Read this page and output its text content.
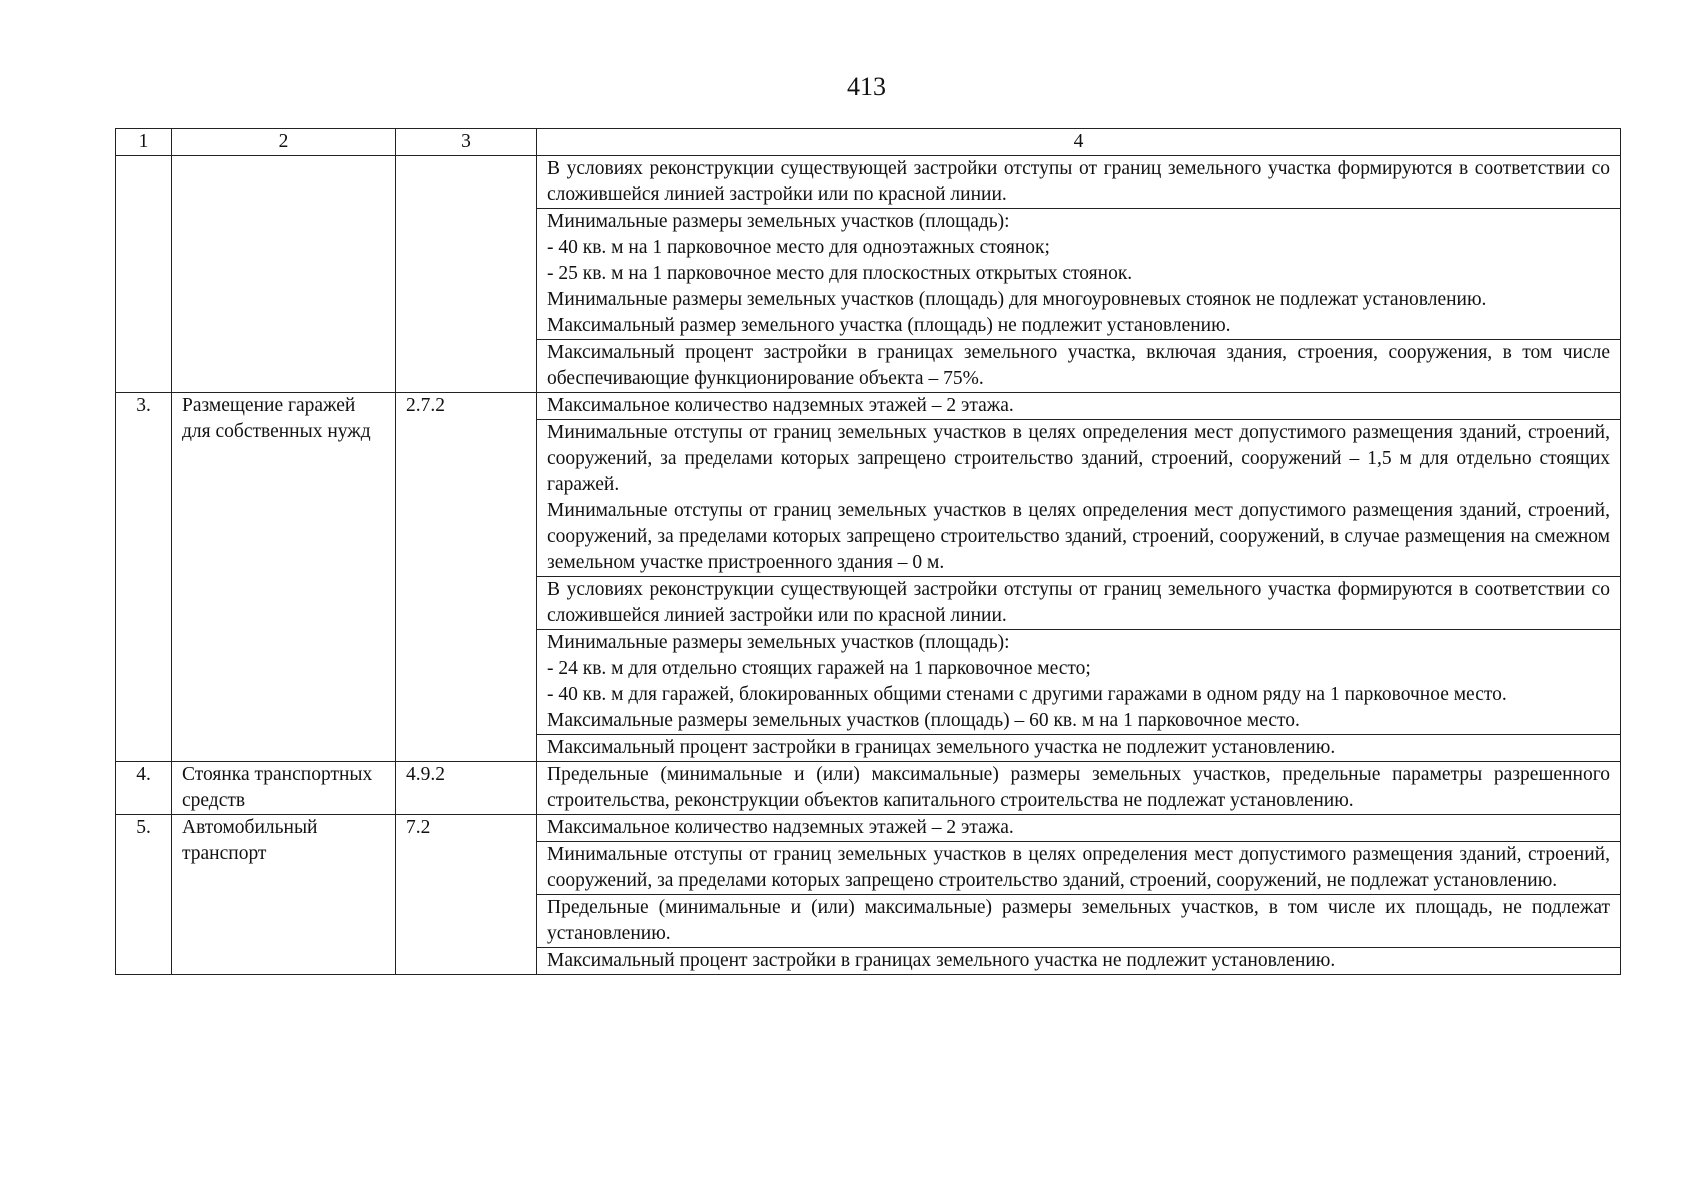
413
1	2	3	4

			В условиях реконструкции существующей застройки отступы от границ земельного участка формируются в соответствии со сложившейся линией застройки или по красной линии.

			Минимальные размеры земельных участков (площадь):

- 40 кв. м на 1 парковочное место для одноэтажных стоянок;

- 25 кв. м на 1 парковочное место для плоскостных открытых стоянок.

Минимальные размеры земельных участков (площадь) для многоуровневых стоянок не подлежат установлению.

Максимальный размер земельного участка (площадь) не подлежит установлению.

			Максимальный процент застройки в границах земельного участка, включая здания, строения, сооружения, в том числе обеспечивающие функционирование объекта – 75%.

3.	Размещение гаражей для собственных нужд	2.7.2	Максимальное количество надземных этажей – 2 этажа.

			Минимальные отступы от границ земельных участков в целях определения мест допустимого размещения зданий, строений, сооружений, за пределами которых запрещено строительство зданий, строений, сооружений – 1,5 м для отдельно стоящих гаражей.

Минимальные отступы от границ земельных участков в целях определения мест допустимого размещения зданий, строений, сооружений, за пределами которых запрещено строительство зданий, строений, сооружений, в случае размещения на смежном земельном участке пристроенного здания – 0 м.

			В условиях реконструкции существующей застройки отступы от границ земельного участка формируются в соответствии со сложившейся линией застройки или по красной линии.

			Минимальные размеры земельных участков (площадь):

- 24 кв. м для отдельно стоящих гаражей на 1 парковочное место;

- 40 кв. м для гаражей, блокированных общими стенами с другими гаражами в одном ряду на 1 парковочное место.

Максимальные размеры земельных участков (площадь) – 60 кв. м на 1 парковочное место.

			Максимальный процент застройки в границах земельного участка не подлежит установлению.

4.	Стоянка транспортных средств	4.9.2	Предельные (минимальные и (или) максимальные) размеры земельных участков, предельные параметры разрешенного строительства, реконструкции объектов капитального строительства не подлежат установлению.

5.	Автомобильный транспорт	7.2	Максимальное количество надземных этажей – 2 этажа.

			Минимальные отступы от границ земельных участков в целях определения мест допустимого размещения зданий, строений, сооружений, за пределами которых запрещено строительство зданий, строений, сооружений, не подлежат установлению.

			Предельные (минимальные и (или) максимальные) размеры земельных участков, в том числе их площадь, не подлежат установлению.

			Максимальный процент застройки в границах земельного участка не подлежит установлению.
